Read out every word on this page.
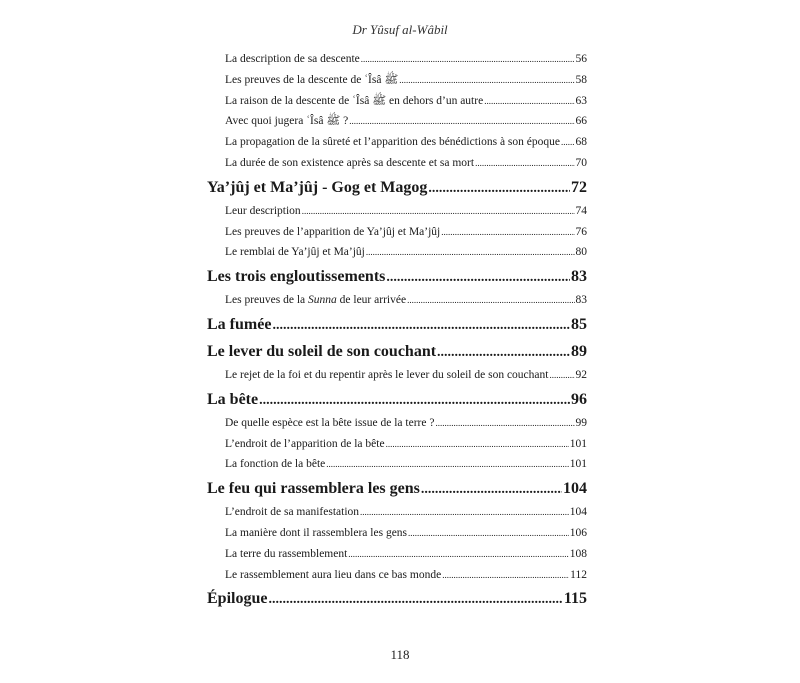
Dr Yûsuf al-Wâbil
La description de sa descente .....	56
Les preuves de la descente de ʿÎsâ ﷺ .....	58
La raison de la descente de ʿÎsâ ﷺ en dehors d’un autre .....	63
Avec quoi jugera ʿÎsâ ﷺ ? .....	66
La propagation de la sûreté et l’apparition des bénédictions à son époque ..... 68
La durée de son existence après sa descente et sa mort .....	70
Ya’jûj et Ma’jûj - Gog et Magog .....	72
Leur description .....	74
Les preuves de l’apparition de Ya’jûj et Ma’jûj .....	76
Le remblai de Ya’jûj et Ma’jûj .....	80
Les trois engloutissements .....	83
Les preuves de la Sunna de leur arrivée .....	83
La fumée .....	85
Le lever du soleil de son couchant .....	89
Le rejet de la foi et du repentir après le lever du soleil de son couchant ..... 92
La bête .....	96
De quelle espèce est la bête issue de la terre ? .....	99
L’endroit de l’apparition de la bête .....	101
La fonction de la bête .....	101
Le feu qui rassemblera les gens .....	104
L’endroit de sa manifestation .....	104
La manière dont il rassemblera les gens .....	106
La terre du rassemblement .....	108
Le rassemblement aura lieu dans ce bas monde .....	112
Épilogue .....	115
118
